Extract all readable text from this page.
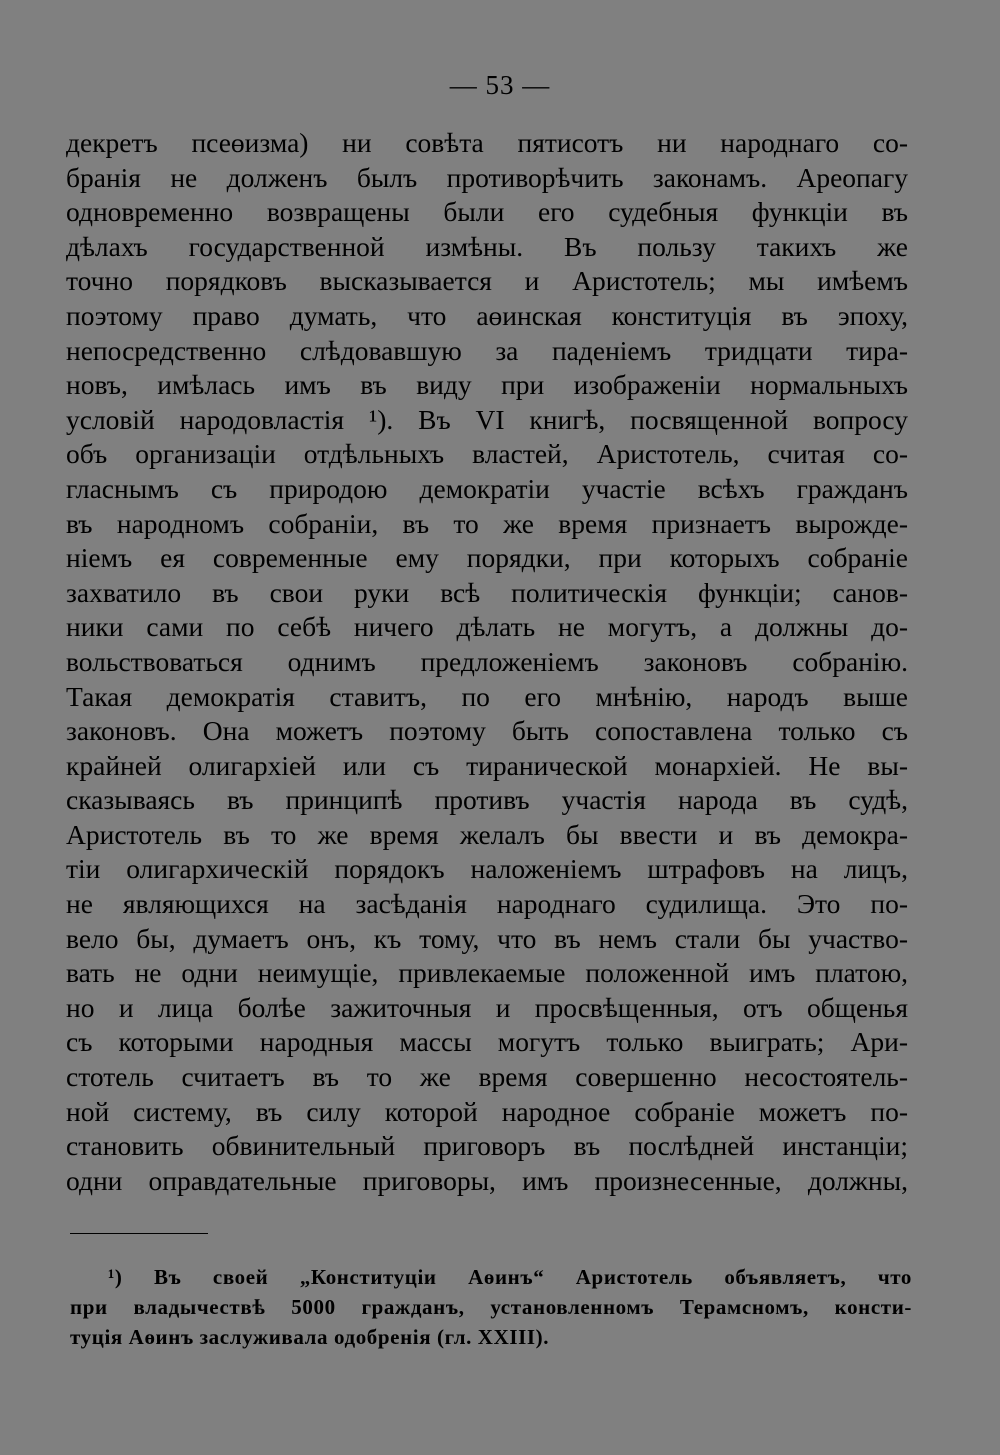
— 53 —
декретъ псеөизма) ни совѣта пятисотъ ни народнаго со-
бранія не долженъ былъ противорѣчить законамъ. Ареопагу
одновременно возвращены были его судебныя функціи въ
дѣлахъ государственной измѣны. Въ пользу такихъ же
точно порядковъ высказывается и Аристотель; мы имѣемъ
поэтому право думать, что аөинская конституція въ эпоху,
непосредственно слѣдовавшую за паденіемъ тридцати тира-
новъ, имѣлась имъ въ виду при изображеніи нормальныхъ
условій народовластія ¹). Въ VI книгѣ, посвященной вопросу
объ организаціи отдѣльныхъ властей, Аристотель, считая со-
гласнымъ съ природою демократіи участіе всѣхъ гражданъ
въ народномъ собраніи, въ то же время признаетъ вырожде-
ніемъ ея современные ему порядки, при которыхъ собраніе
захватило въ свои руки всѣ политическія функціи; санов-
ники сами по себѣ ничего дѣлать не могутъ, а должны до-
вольствоваться однимъ предложеніемъ законовъ собранію.
Такая демократія ставитъ, по его мнѣнію, народъ выше
законовъ. Она можетъ поэтому быть сопоставлена только съ
крайней олигархіей или съ тиранической монархіей. Не вы-
сказываясь въ принципѣ противъ участія народа въ судѣ,
Аристотель въ то же время желалъ бы ввести и въ демокра-
тіи олигархическій порядокъ наложеніемъ штрафовъ на лицъ,
не являющихся на засѣданія народнаго судилища. Это по-
вело бы, думаетъ онъ, къ тому, что въ немъ стали бы участво-
вать не одни неимущіе, привлекаемые положенной имъ платою,
но и лица болѣе зажиточныя и просвѣщенныя, отъ общенья
съ которыми народныя массы могутъ только выиграть; Ари-
стотель считаетъ въ то же время совершенно несостоятель-
ной систему, въ силу которой народное собраніе можетъ по-
становить обвинительный приговоръ въ послѣдней инстанціи;
одни оправдательные приговоры, имъ произнесенные, должны,
¹) Въ своей „Конституціи Аөинъ“ Аристотель объявляетъ, что
при владычествѣ 5000 гражданъ, установленномъ Терамсномъ, консти-
туція Аөинъ заслуживала одобренія (гл. XXIII).
